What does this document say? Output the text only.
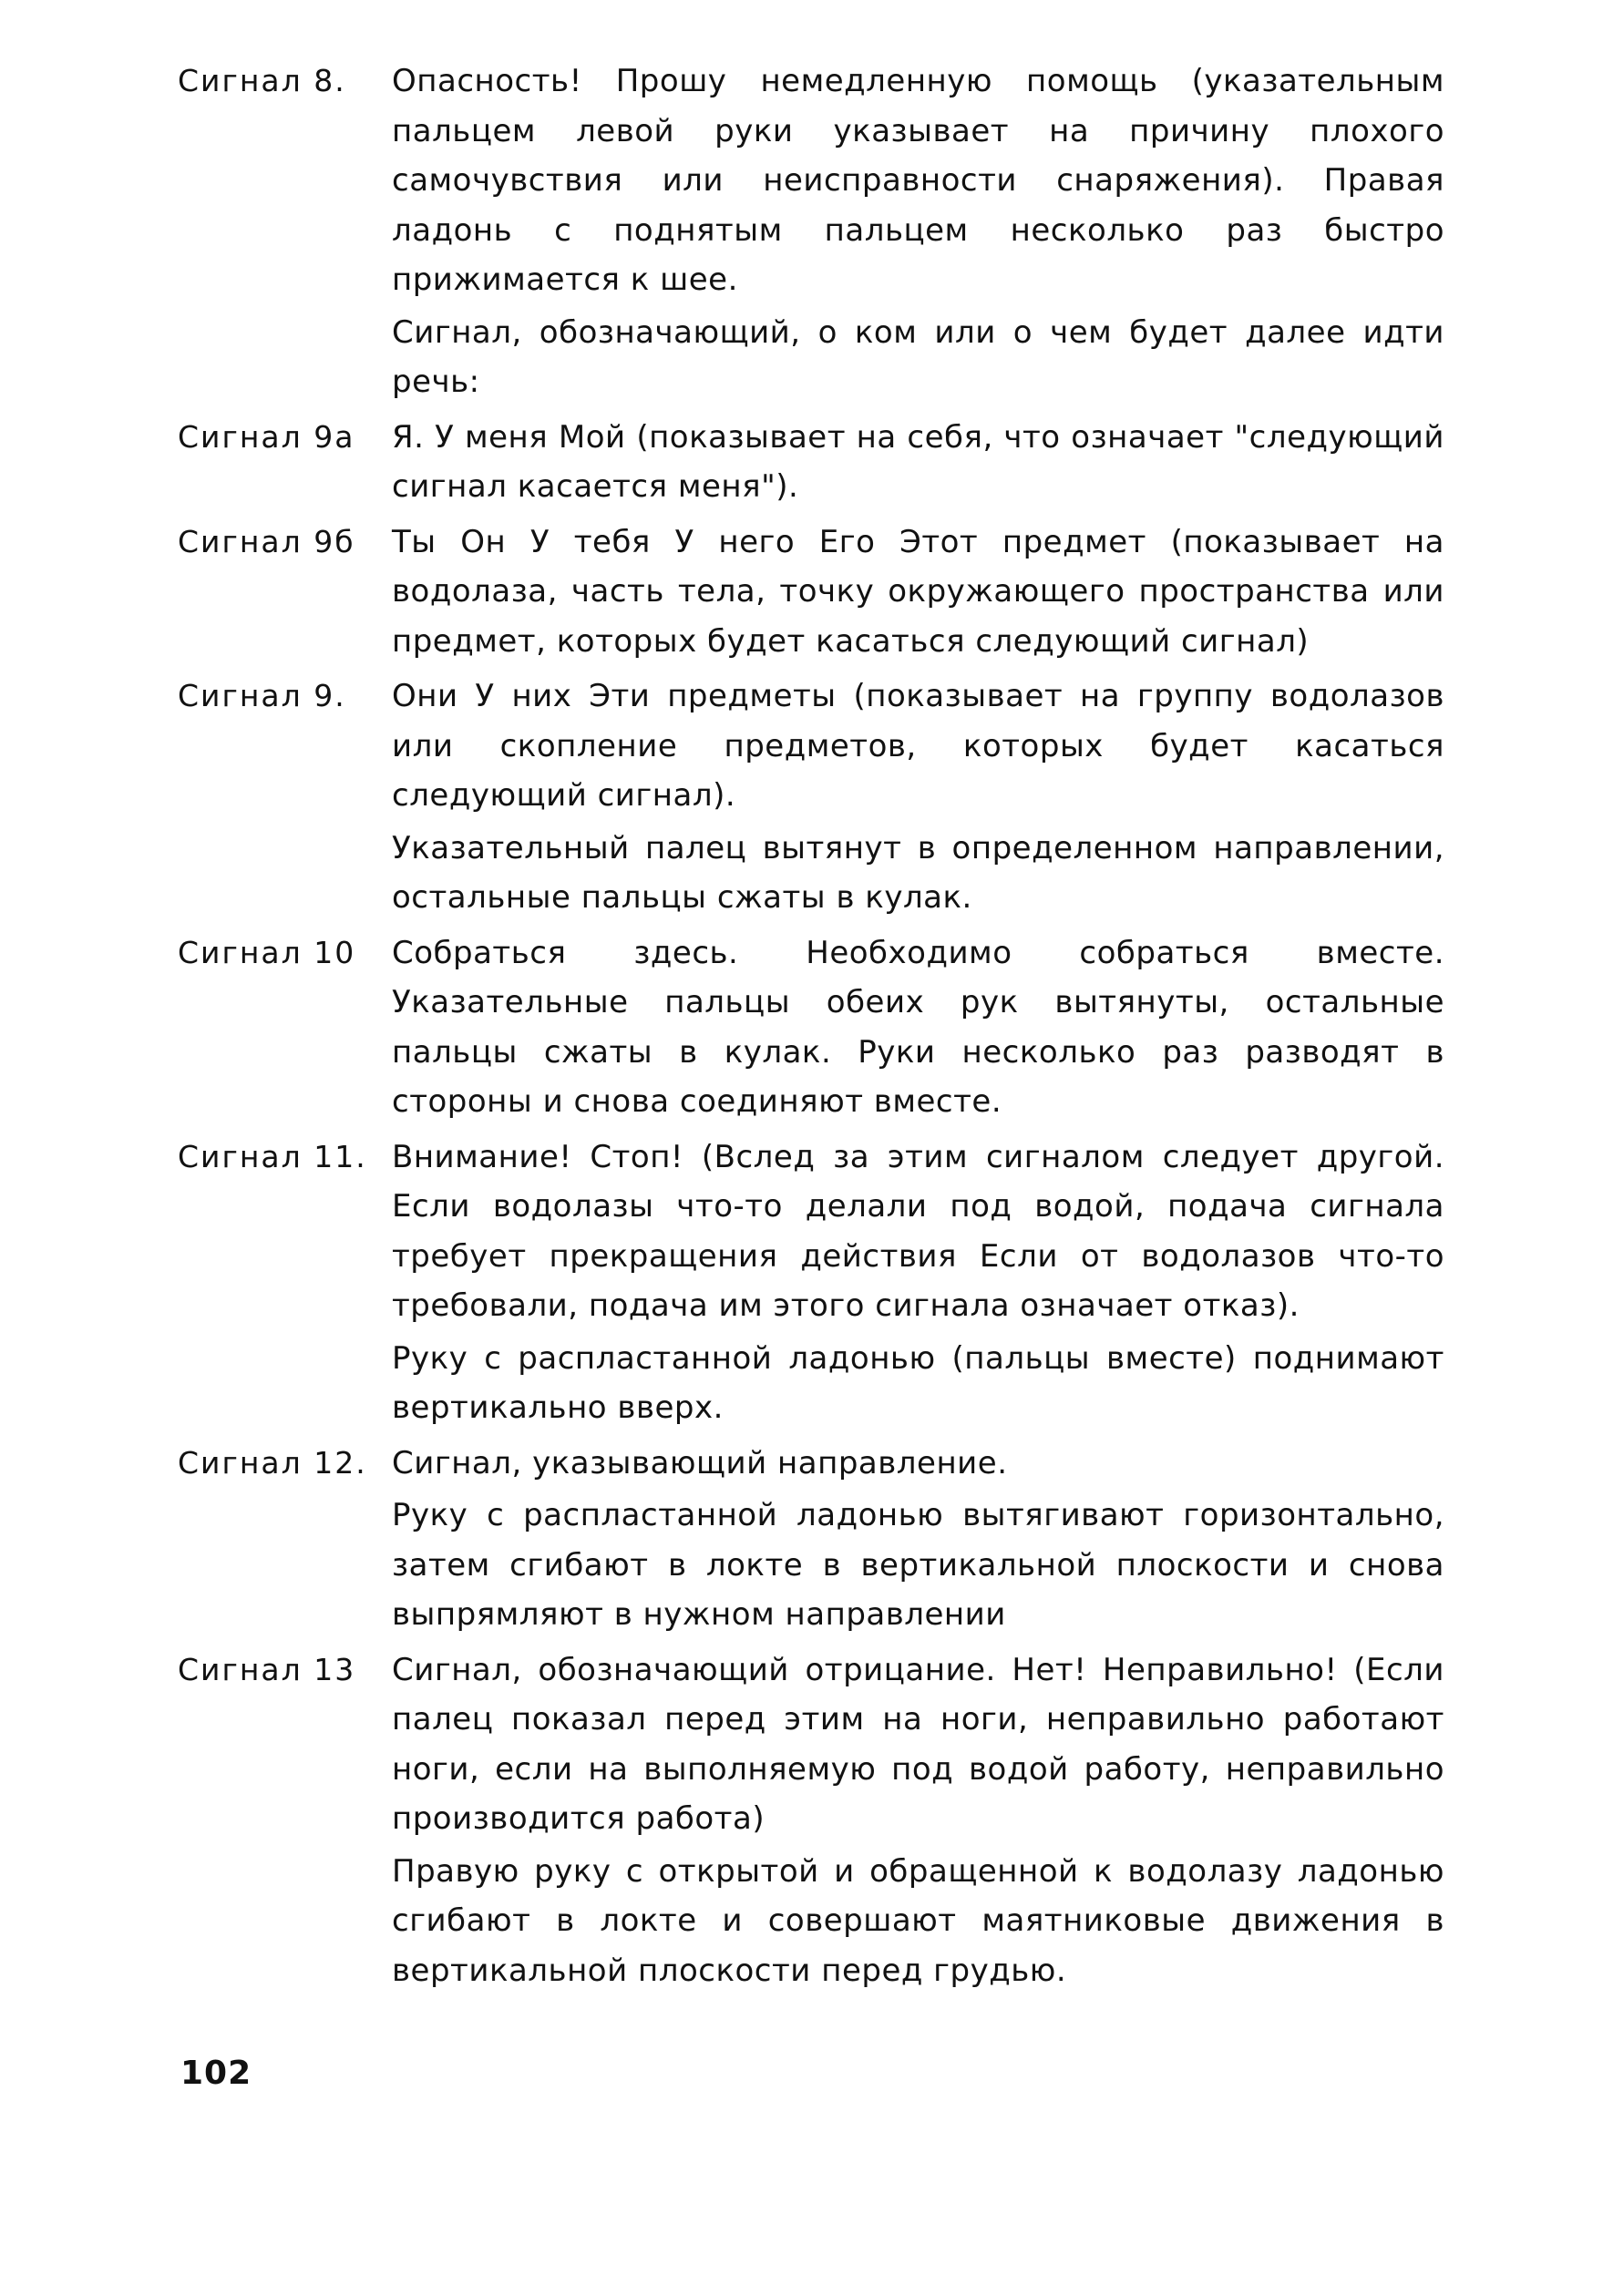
Сигнал 8.	Опасность! Прошу немедленную помощь (указательным пальцем левой руки указывает на причину плохого самочувствия или неисправности снаряжения). Правая ладонь с поднятым пальцем несколько раз быстро прижимается к шее.

Сигнал, обозначающий, о ком или о чем будет далее идти речь:

Сигнал 9а	Я. У меня Мой (показывает на себя, что означает "следующий сигнал касается меня").

Сигнал 9б	Ты Он У тебя У него Его Этот предмет (показывает на водолаза, часть тела, точку окружающего пространства или предмет, которых будет касаться следующий сигнал)

Сигнал 9.	Они У них Эти предметы (показывает на группу водолазов или скопление предметов, которых будет касаться следующий сигнал).

Указательный палец вытянут в определенном направлении, остальные пальцы сжаты в кулак.

Сигнал 10	Собраться здесь. Необходимо собраться вместе. Указательные пальцы обеих рук вытянуты, остальные пальцы сжаты в кулак. Руки несколько раз разводят в стороны и снова соединяют вместе.

Сигнал 11. Внимание! Стоп! (Вслед за этим сигналом следует другой. Если водолазы что-то делали под водой, подача сигнала требует прекращения действия Если от водолазов что-то требовали, подача им этого сигнала означает отказ).

Руку с распластанной ладонью (пальцы вместе) поднимают вертикально вверх.

Сигнал 12. Сигнал, указывающий направление.

Руку с распластанной ладонью вытягивают горизонтально, затем сгибают в локте в вертикальной плоскости и снова выпрямляют в нужном направлении

Сигнал 13	Сигнал, обозначающий отрицание. Нет! Неправильно! (Если палец показал перед этим на ноги, неправильно работают ноги, если на выполняемую под водой работу, неправильно производится работа)

Правую руку с открытой и обращенной к водолазу ладонью сгибают в локте и совершают маятниковые движения в вертикальной плоскости перед грудью.

102
